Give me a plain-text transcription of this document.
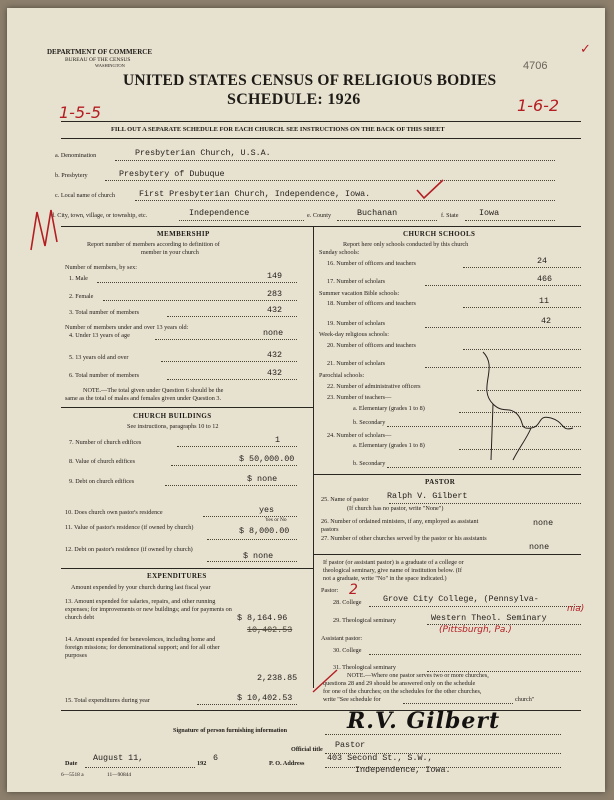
DEPARTMENT OF COMMERCE
BUREAU OF THE CENSUS
WASHINGTON	4706
✓
UNITED STATES CENSUS OF RELIGIOUS BODIES
SCHEDULE: 1926
1-5-5	1-6-2
FILL OUT A SEPARATE SCHEDULE FOR EACH CHURCH. SEE INSTRUCTIONS ON THE BACK OF THIS SHEET
a. Denomination	Presbyterian Church, U.S.A.
b. Presbytery	Presbytery of Dubuque
c. Local name of church	First Presbyterian Church, Independence, Iowa.
d. City, town, village, or township, etc.	Independence	e. County	Buchanan	f. State Iowa
MEMBERSHIP
Report number of members according to definition of
member in your church
Number of members, by sex:
1. Male	149
2. Female	283
3. Total number of members	432
Number of members under and over 13 years old:
4. Under 13 years of age	none
5. 13 years old and over	432
6. Total number of members	432
NOTE.—The total given under Question 6 should be the
same as the total of males and females given under Question 3.
CHURCH BUILDINGS
See instructions, paragraphs 10 to 12
7. Number of church edifices	1
8. Value of church edifices	$ 50,000.00
9. Debt on church edifices	$ none
10. Does church own pastor's residence	yes
Yes or No
11. Value of pastor's residence (if owned by church)	$ 8,000.00
12. Debt on pastor's residence (if owned by church)
$ none
EXPENDITURES
Amount expended by your church during last fiscal year
13. Amount expended for salaries, repairs, and other running expenses; for improvements or new buildings; and for payments on church debt	$ 8,164.96
10,402.53
14. Amount expended for benevolences, including home and foreign missions; for denominational support; and for all other purposes
2,238.85
15. Total expenditures during year	$ 10,402.53
CHURCH SCHOOLS
Report here only schools conducted by this church
Sunday schools:
16. Number of officers and teachers	24
17. Number of scholars	466
Summer vacation Bible schools:
18. Number of officers and teachers	11
19. Number of scholars	42
Week-day religious schools:
20. Number of officers and teachers
21. Number of scholars
Parochial schools:
22. Number of administrative officers
23. Number of teachers—
a. Elementary (grades 1 to 8)
b. Secondary
24. Number of scholars—
a. Elementary (grades 1 to 8)
b. Secondary
PASTOR
25. Name of pastor Ralph V. Gilbert
(If church has no pastor, write "None")
26. Number of ordained ministers, if any, employed as assistant pastors
none
27. Number of other churches served by the pastor or his assistants
none
If pastor (or assistant pastor) is a graduate of a college or
theological seminary, give name of institution below. (If
not a graduate, write "No" in the space indicated.)
Pastor: 2
28. College	Grove City College, (Pennsylva-
nia)
29. Theological seminary	Western Theol. Seminary
(Pittsburgh, Pa.)
Assistant pastor:
30. College
31. Theological seminary
NOTE.—Where one pastor serves two or more churches,
questions 28 and 29 should be answered only on the schedule
for one of the churches; on the schedules for the other churches,
write "See schedule for	church"
Signature of person furnishing information	R.V. Gilbert
Official title Pastor
Date
August 11,
192
6
P. O. Address
403 Second St., S.W.,
Independence, Iowa.
6—5518 a	11—90844
